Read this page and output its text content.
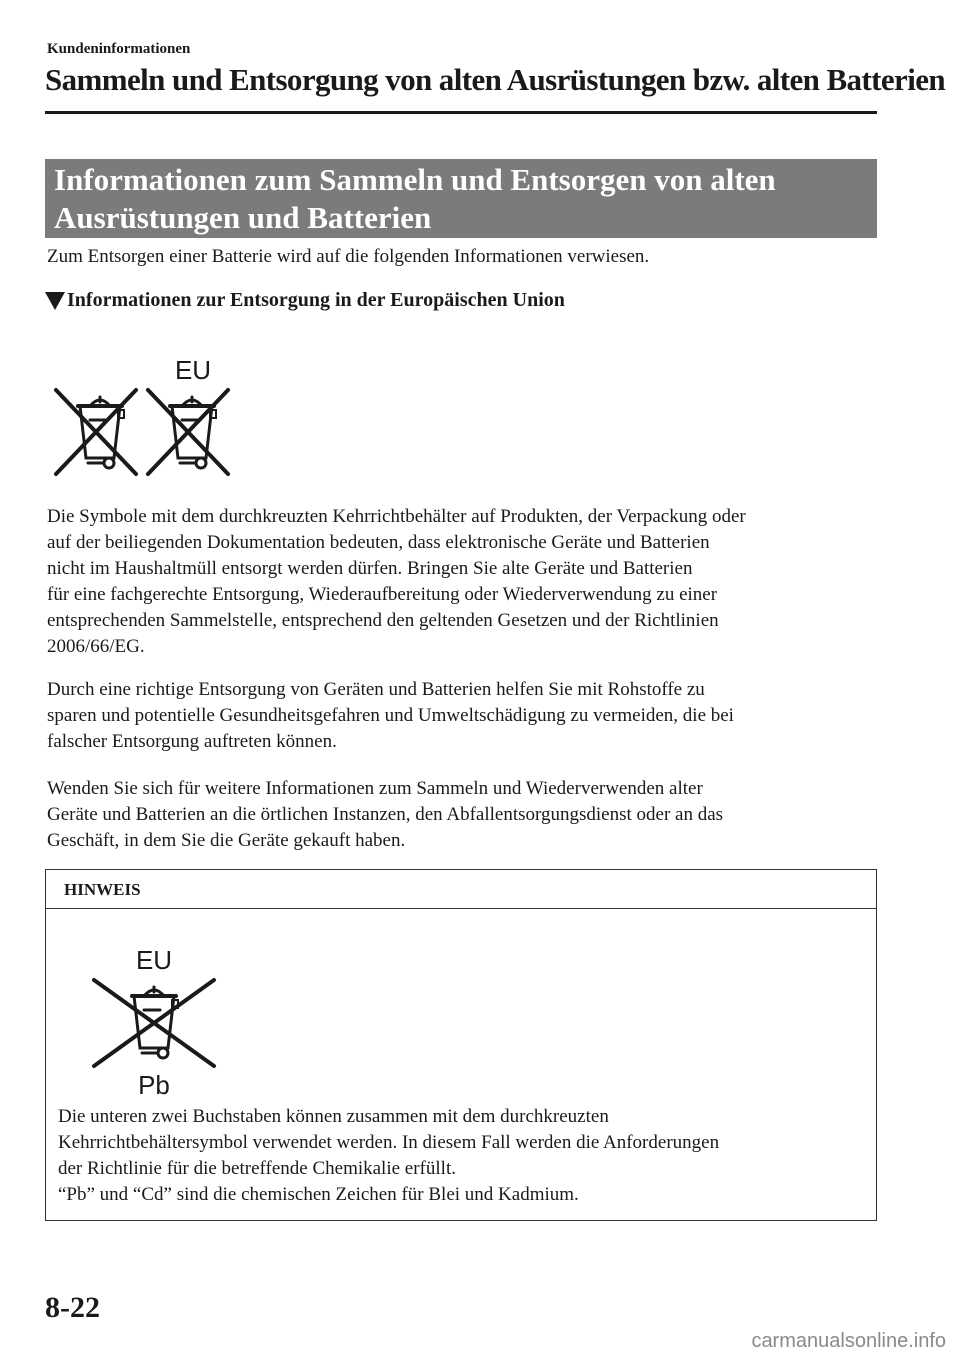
Kundeninformationen
Sammeln und Entsorgung von alten Ausrüstungen bzw. alten Batterien
Informationen zum Sammeln und Entsorgen von alten
Ausrüstungen und Batterien
Zum Entsorgen einer Batterie wird auf die folgenden Informationen verwiesen.
Informationen zur Entsorgung in der Europäischen Union
EU
Die Symbole mit dem durchkreuzten Kehrrichtbehälter auf Produkten, der Verpackung oder
auf der beiliegenden Dokumentation bedeuten, dass elektronische Geräte und Batterien
nicht im Haushaltmüll entsorgt werden dürfen. Bringen Sie alte Geräte und Batterien
für eine fachgerechte Entsorgung, Wiederaufbereitung oder Wiederverwendung zu einer
entsprechenden Sammelstelle, entsprechend den geltenden Gesetzen und der Richtlinien
2006/66/EG.
Durch eine richtige Entsorgung von Geräten und Batterien helfen Sie mit Rohstoffe zu
sparen und potentielle Gesundheitsgefahren und Umweltschädigung zu vermeiden, die bei
falscher Entsorgung auftreten können.
Wenden Sie sich für weitere Informationen zum Sammeln und Wiederverwenden alter
Geräte und Batterien an die örtlichen Instanzen, den Abfallentsorgungsdienst oder an das
Geschäft, in dem Sie die Geräte gekauft haben.
HINWEIS
EU
Pb
Die unteren zwei Buchstaben können zusammen mit dem durchkreuzten
Kehrrichtbehältersymbol verwendet werden. In diesem Fall werden die Anforderungen
der Richtlinie für die betreffende Chemikalie erfüllt.
“Pb” und “Cd” sind die chemischen Zeichen für Blei und Kadmium.
8-22
carmanualsonline.info
